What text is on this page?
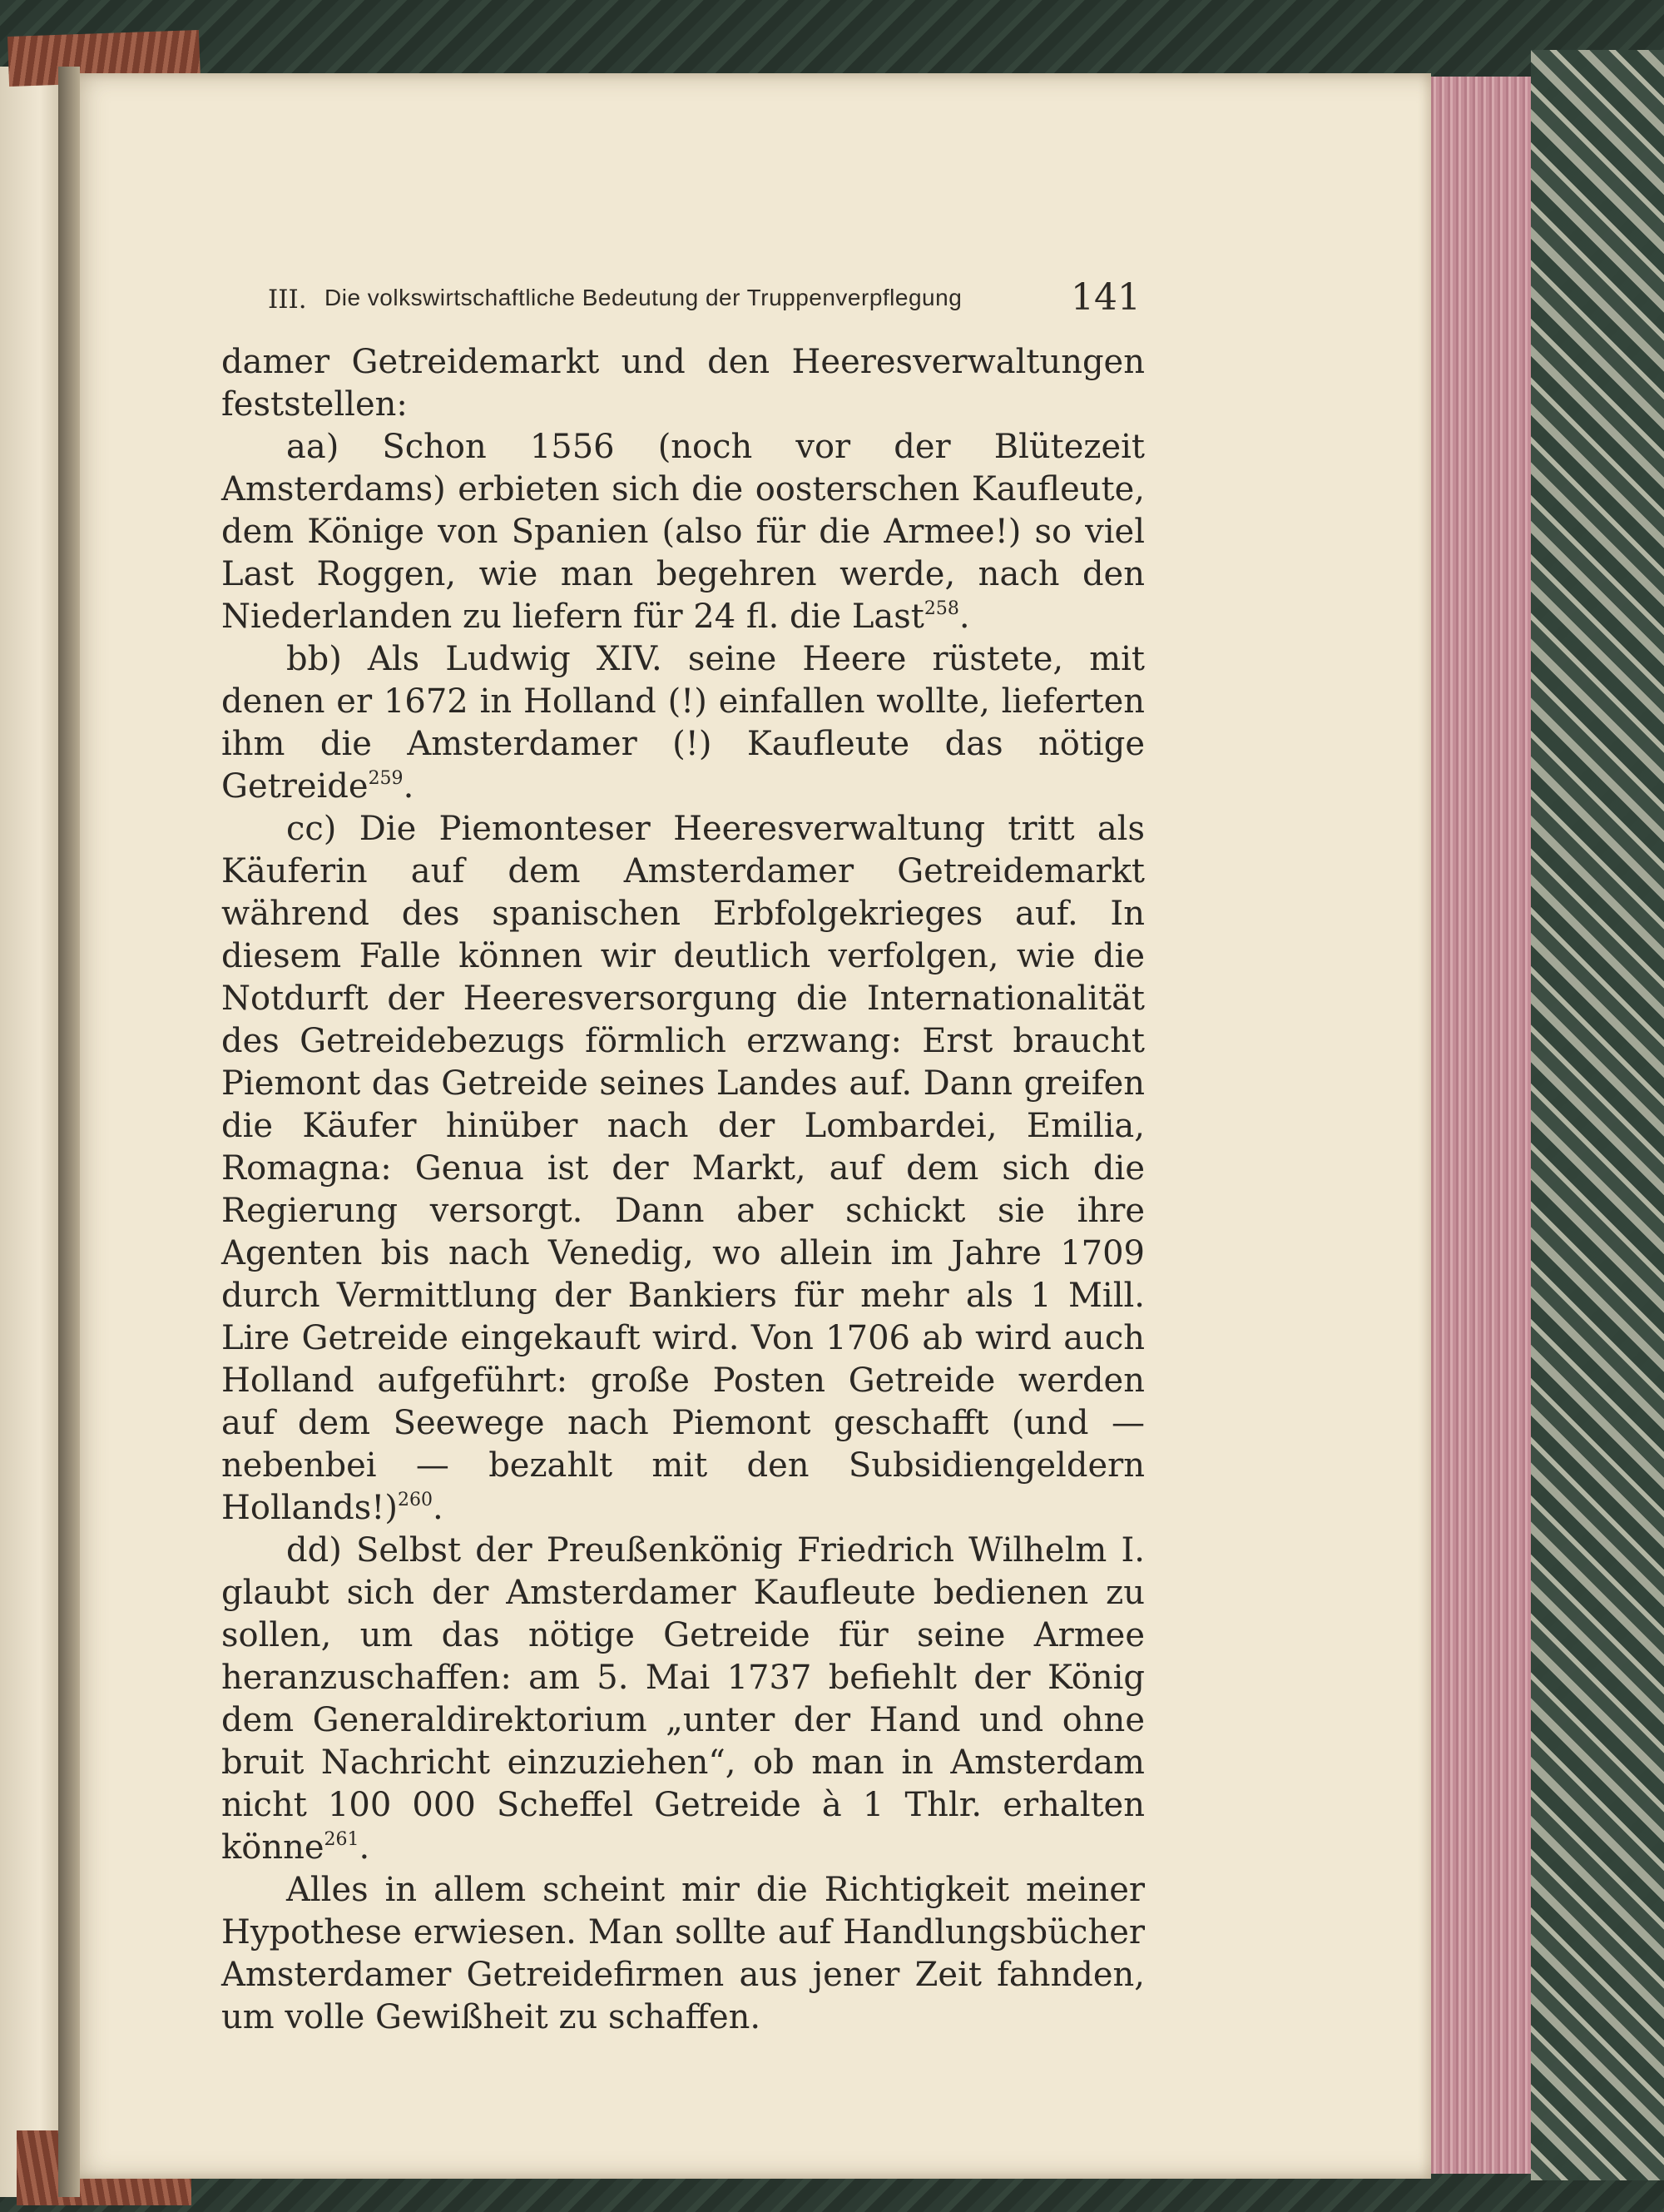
III. Die volkswirtschaftliche Bedeutung der Truppenverpflegung	141

damer Getreidemarkt und den Heeresverwaltungen feststellen:

aa) Schon 1556 (noch vor der Blütezeit Amsterdams) erbieten sich die oosterschen Kaufleute, dem Könige von Spanien (also für die Armee!) so viel Last Roggen, wie man begehren werde, nach den Niederlanden zu liefern für 24 fl. die Last$^{258}$.

bb) Als Ludwig XIV. seine Heere rüstete, mit denen er 1672 in Holland (!) einfallen wollte, lieferten ihm die Amsterdamer (!) Kaufleute das nötige Getreide$^{259}$.

cc) Die Piemonteser Heeresverwaltung tritt als Käuferin auf dem Amsterdamer Getreidemarkt während des spanischen Erbfolgekrieges auf. In diesem Falle können wir deutlich verfolgen, wie die Notdurft der Heeresversorgung die Internationalität des Getreidebezugs förmlich erzwang: Erst braucht Piemont das Getreide seines Landes auf. Dann greifen die Käufer hinüber nach der Lombardei, Emilia, Romagna: Genua ist der Markt, auf dem sich die Regierung versorgt. Dann aber schickt sie ihre Agenten bis nach Venedig, wo allein im Jahre 1709 durch Vermittlung der Bankiers für mehr als 1 Mill. Lire Getreide eingekauft wird. Von 1706 ab wird auch Holland aufgeführt: große Posten Getreide werden auf dem Seewege nach Piemont geschafft (und — nebenbei — bezahlt mit den Subsidiengeldern Hollands!)$^{260}$.

dd) Selbst der Preußenkönig Friedrich Wilhelm I. glaubt sich der Amsterdamer Kaufleute bedienen zu sollen, um das nötige Getreide für seine Armee heranzuschaffen: am 5. Mai 1737 befiehlt der König dem Generaldirektorium „unter der Hand und ohne bruit Nachricht einzuziehen“, ob man in Amsterdam nicht 100 000 Scheffel Getreide à 1 Thlr. erhalten könne$^{261}$.

Alles in allem scheint mir die Richtigkeit meiner Hypothese erwiesen. Man sollte auf Handlungsbücher Amsterdamer Getreidefirmen aus jener Zeit fahnden, um volle Gewißheit zu schaffen.
